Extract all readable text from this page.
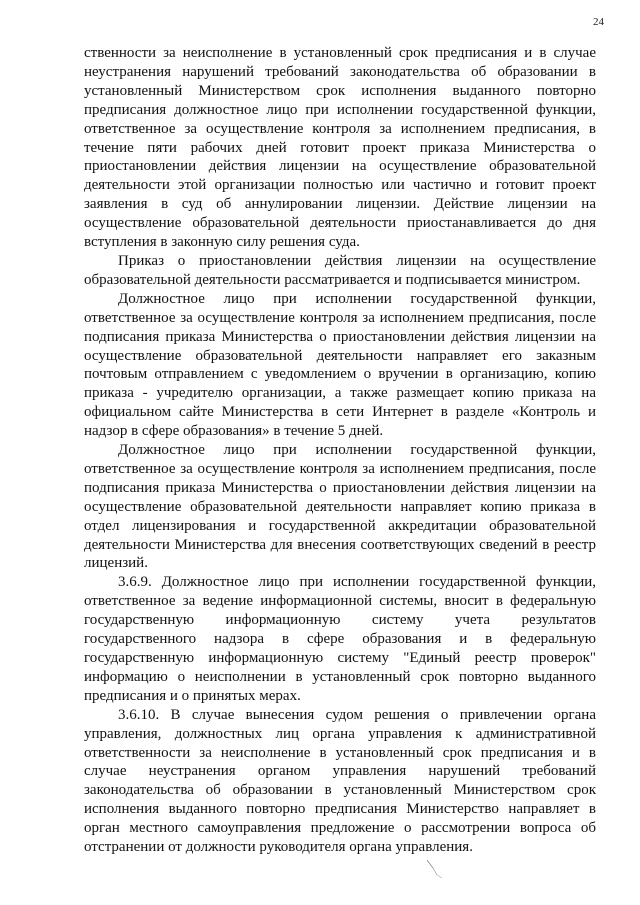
24

ственности за неисполнение в установленный срок предписания и в случае неустранения нарушений требований законодательства об образовании в установленный Министерством срок исполнения выданного повторно предписания должностное лицо при исполнении государственной функции, ответственное за осуществление контроля за исполнением предписания, в течение пяти рабочих дней готовит проект приказа Министерства о приостановлении действия лицензии на осуществление образовательной деятельности этой организации полностью или частично и готовит проект заявления в суд об аннулировании лицензии. Действие лицензии на осуществление образовательной деятельности приостанавливается до дня вступления в законную силу решения суда.

Приказ о приостановлении действия лицензии на осуществление образовательной деятельности рассматривается и подписывается министром.

Должностное лицо при исполнении государственной функции, ответственное за осуществление контроля за исполнением предписания, после подписания приказа Министерства о приостановлении действия лицензии на осуществление образовательной деятельности направляет его заказным почтовым отправлением с уведомлением о вручении в организацию, копию приказа - учредителю организации, а также размещает копию приказа на официальном сайте Министерства в сети Интернет в разделе «Контроль и надзор в сфере образования» в течение 5 дней.

Должностное лицо при исполнении государственной функции, ответственное за осуществление контроля за исполнением предписания, после подписания приказа Министерства о приостановлении действия лицензии на осуществление образовательной деятельности направляет копию приказа в отдел лицензирования и государственной аккредитации образовательной деятельности Министерства для внесения соответствующих сведений в реестр лицензий.

3.6.9. Должностное лицо при исполнении государственной функции, ответственное за ведение информационной системы, вносит в федеральную государственную информационную систему учета результатов государственного надзора в сфере образования и в федеральную государственную информационную систему "Единый реестр проверок" информацию о неисполнении в установленный срок повторно выданного предписания и о принятых мерах.

3.6.10. В случае вынесения судом решения о привлечении органа управления, должностных лиц органа управления к административной ответственности за неисполнение в установленный срок предписания и в случае неустранения органом управления нарушений требований законодательства об образовании в установленный Министерством срок исполнения выданного повторно предписания Министерство направляет в орган местного самоуправления предложение о рассмотрении вопроса об отстранении от должности руководителя органа управления.
